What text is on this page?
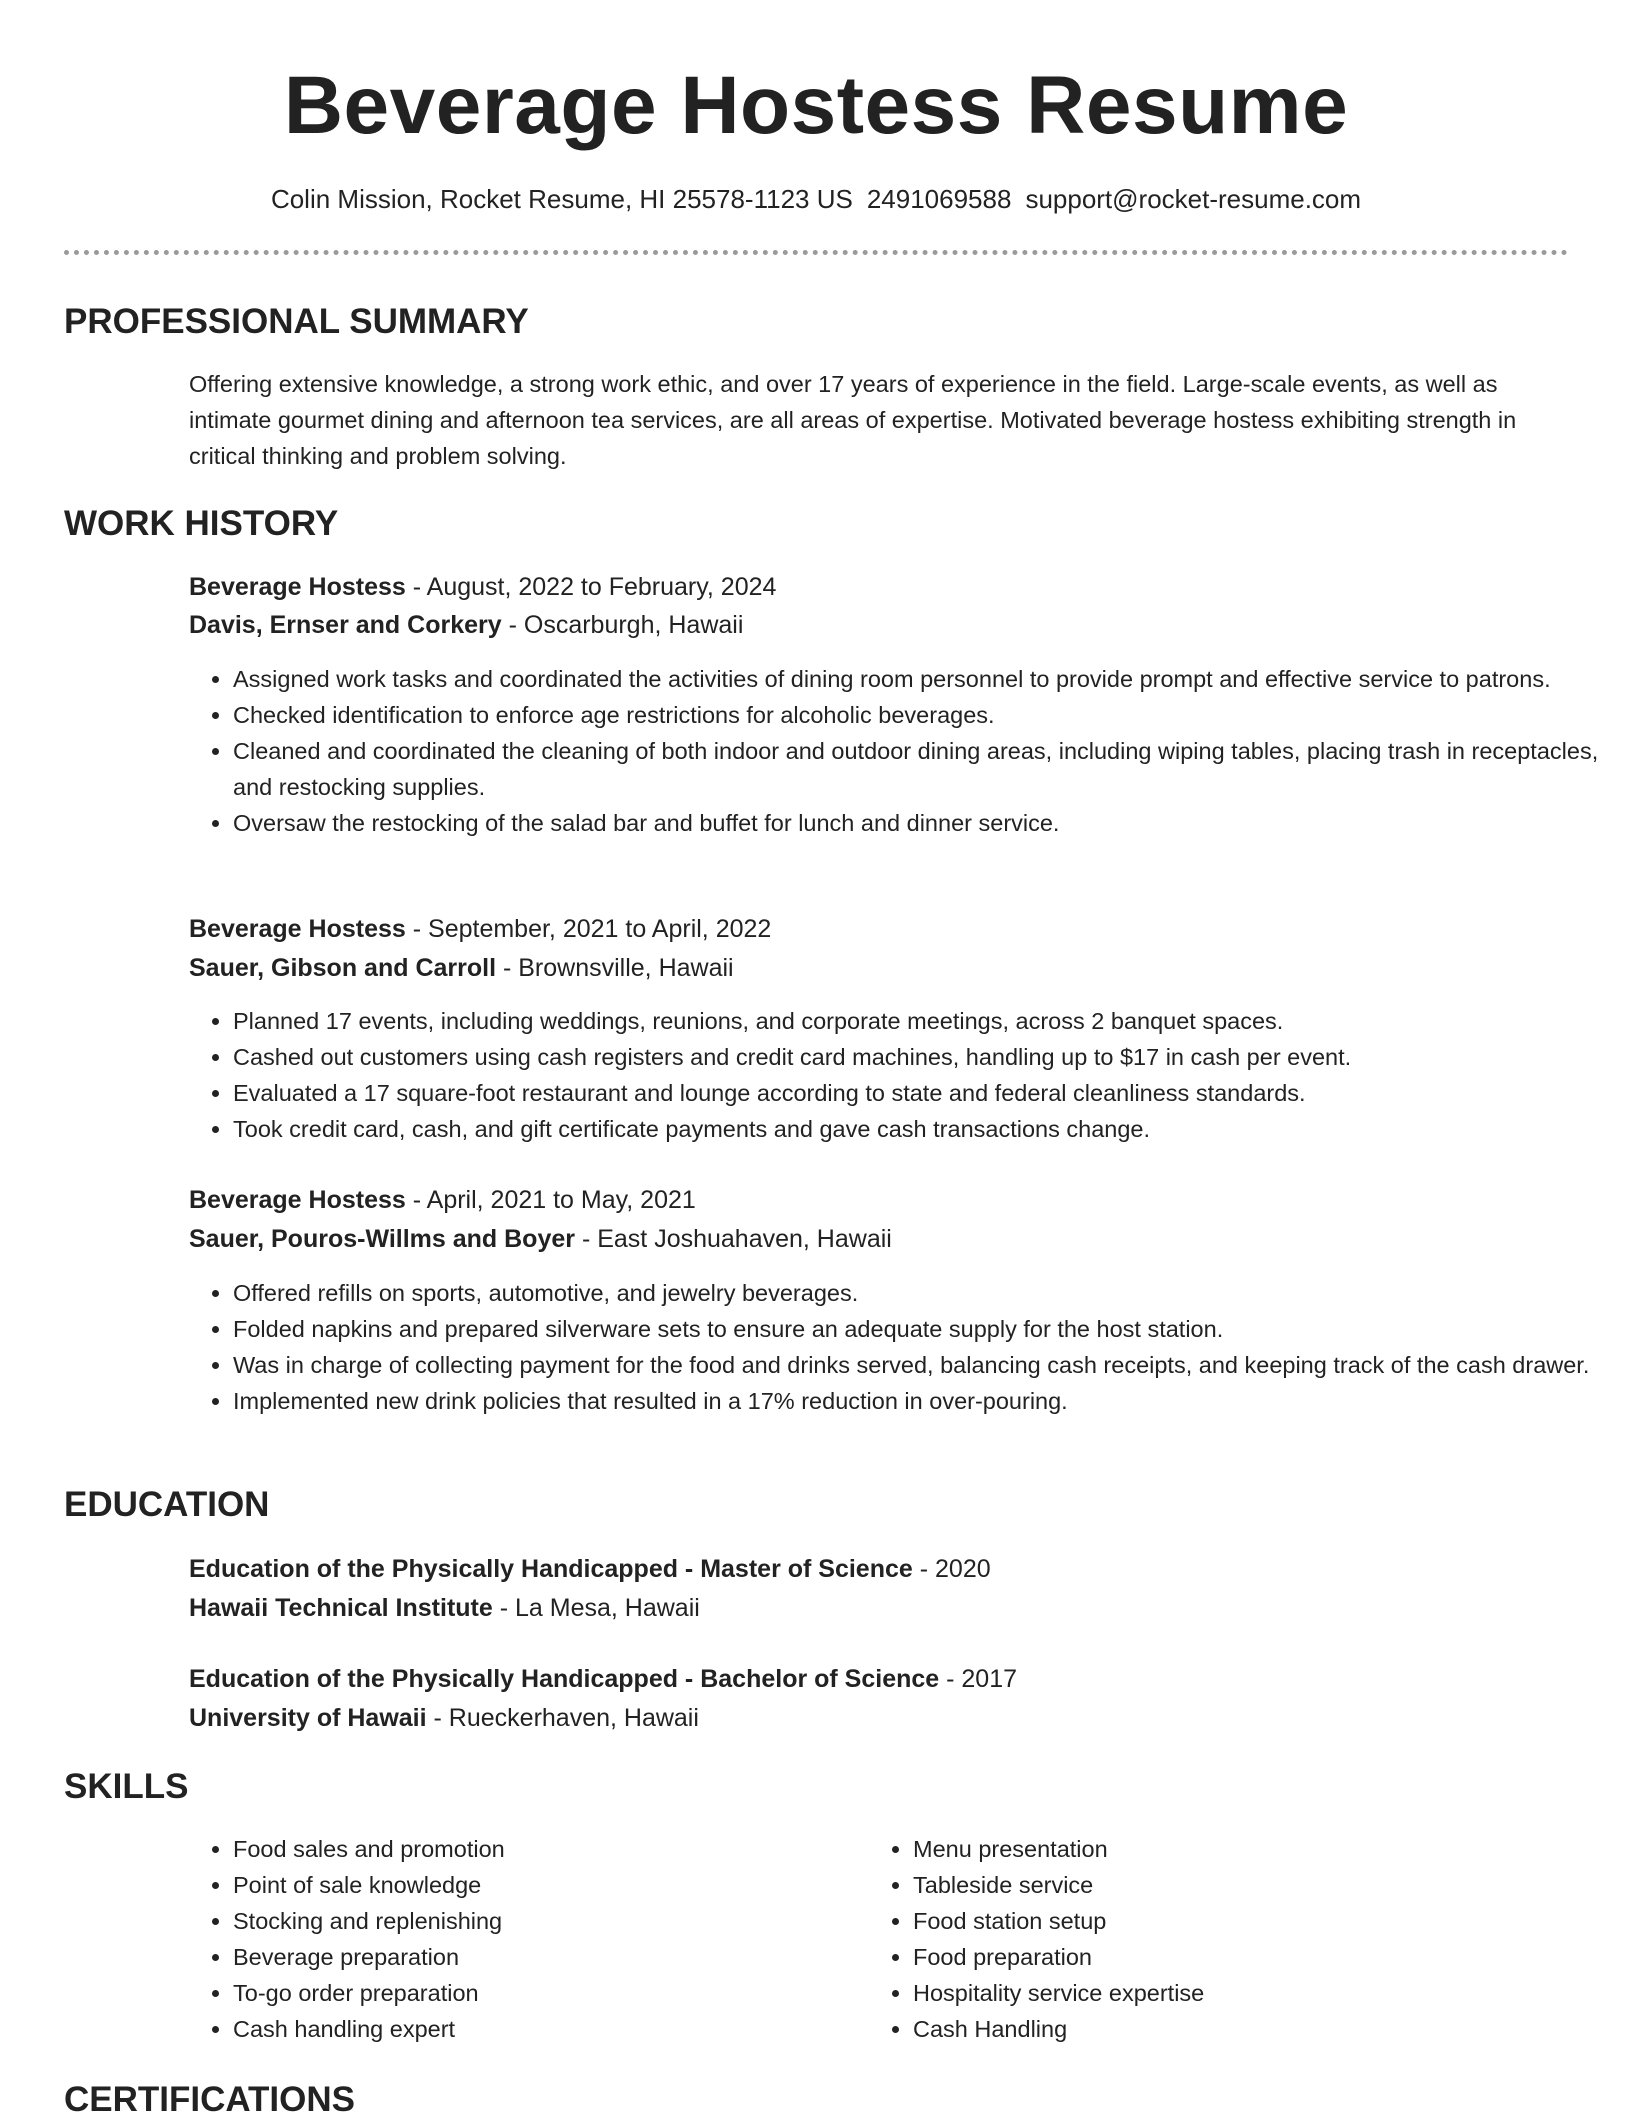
Beverage Hostess Resume
Colin Mission, Rocket Resume, HI 25578-1123 US 2491069588 support@rocket-resume.com
PROFESSIONAL SUMMARY

Offering extensive knowledge, a strong work ethic, and over 17 years of experience in the field. Large-scale events, as well as intimate gourmet dining and afternoon tea services, are all areas of expertise. Motivated beverage hostess exhibiting strength in critical thinking and problem solving.

WORK HISTORY
Beverage Hostess - August, 2022 to February, 2024
Davis, Ernser and Corkery - Oscarburgh, Hawaii
• Assigned work tasks and coordinated the activities of dining room personnel to provide prompt and effective service to patrons.
• Checked identification to enforce age restrictions for alcoholic beverages.
• Cleaned and coordinated the cleaning of both indoor and outdoor dining areas, including wiping tables, placing trash in receptacles, and restocking supplies.
• Oversaw the restocking of the salad bar and buffet for lunch and dinner service.
Beverage Hostess - September, 2021 to April, 2022
Sauer, Gibson and Carroll - Brownsville, Hawaii
• Planned 17 events, including weddings, reunions, and corporate meetings, across 2 banquet spaces.
• Cashed out customers using cash registers and credit card machines, handling up to $17 in cash per event.
• Evaluated a 17 square-foot restaurant and lounge according to state and federal cleanliness standards.
• Took credit card, cash, and gift certificate payments and gave cash transactions change.
Beverage Hostess - April, 2021 to May, 2021
Sauer, Pouros-Willms and Boyer - East Joshuahaven, Hawaii
• Offered refills on sports, automotive, and jewelry beverages.
• Folded napkins and prepared silverware sets to ensure an adequate supply for the host station.
• Was in charge of collecting payment for the food and drinks served, balancing cash receipts, and keeping track of the cash drawer.
• Implemented new drink policies that resulted in a 17% reduction in over-pouring.
EDUCATION
Education of the Physically Handicapped - Master of Science - 2020
Hawaii Technical Institute - La Mesa, Hawaii
Education of the Physically Handicapped - Bachelor of Science - 2017
University of Hawaii - Rueckerhaven, Hawaii
SKILLS
• Food sales and promotion
• Point of sale knowledge
• Stocking and replenishing
• Beverage preparation
• To-go order preparation
• Cash handling expert
• Menu presentation
• Tableside service
• Food station setup
• Food preparation
• Hospitality service expertise
• Cash Handling
CERTIFICATIONS
